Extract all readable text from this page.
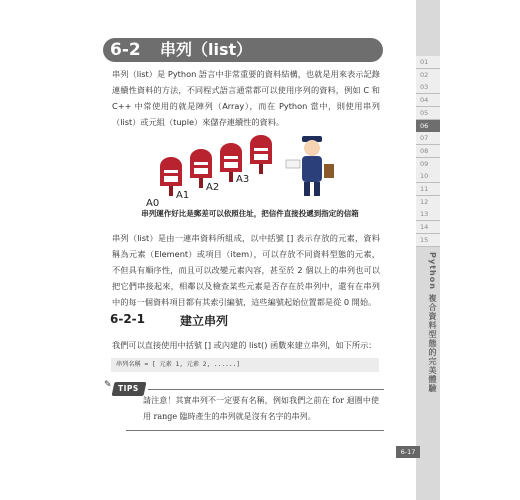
6-2 串列（list）

串列（list）是 Python 語言中非常重要的資料結構，也就是用來表示記錄連續性資料的方法，不同程式語言通常都可以使用序列的資料，例如 C 和 C++ 中常使用的就是陣列（Array），而在 Python 當中，則使用串列（list）或元組（tuple）來儲存連續性的資料。

A0
A1
A2
A3
串列運作好比是郵差可以依照住址，把信件直接投遞到指定的信箱

串列（list）是由一連串資料所組成，以中括號 [] 表示存放的元素，資料稱為元素（Element）或項目（item），可以存放不同資料型態的元素，不但具有順序性，而且可以改變元素內容，甚至於 2 個以上的串列也可以把它們串接起來，相鄰以及檢查某些元素是否存在於串列中，還有在串列中的每一個資料項目都有其索引編號，這些編號起始位置都是從 0 開始。

6-2-1	建立串列

我們可以直接使用中括號 [] 或內建的 list() 函數來建立串列，如下所示：

串列名稱 = [ 元素 1, 元素 2, ......]
✎ TIPS

請注意！其實串列不一定要有名稱，例如我們之前在 for 迴圈中使用 range 臨時產生的串列就是沒有名字的串列。

01
02
03
04
05
06
07
08
09
10
11
12
13
14
15
Python 複合資料型態的完美體驗
6-17
